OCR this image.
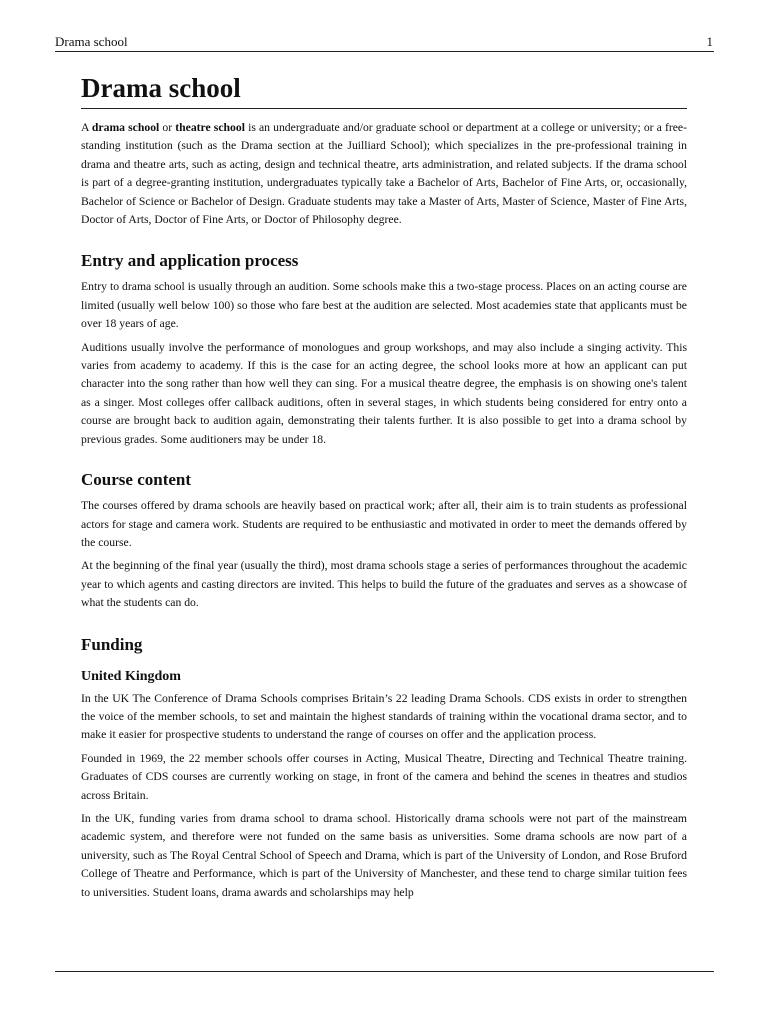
Drama school	1
Drama school

A drama school or theatre school is an undergraduate and/or graduate school or department at a college or university; or a free-standing institution (such as the Drama section at the Juilliard School); which specializes in the pre-professional training in drama and theatre arts, such as acting, design and technical theatre, arts administration, and related subjects. If the drama school is part of a degree-granting institution, undergraduates typically take a Bachelor of Arts, Bachelor of Fine Arts, or, occasionally, Bachelor of Science or Bachelor of Design. Graduate students may take a Master of Arts, Master of Science, Master of Fine Arts, Doctor of Arts, Doctor of Fine Arts, or Doctor of Philosophy degree.

Entry and application process

Entry to drama school is usually through an audition. Some schools make this a two-stage process. Places on an acting course are limited (usually well below 100) so those who fare best at the audition are selected. Most academies state that applicants must be over 18 years of age.

Auditions usually involve the performance of monologues and group workshops, and may also include a singing activity. This varies from academy to academy. If this is the case for an acting degree, the school looks more at how an applicant can put character into the song rather than how well they can sing. For a musical theatre degree, the emphasis is on showing one's talent as a singer. Most colleges offer callback auditions, often in several stages, in which students being considered for entry onto a course are brought back to audition again, demonstrating their talents further. It is also possible to get into a drama school by previous grades. Some auditioners may be under 18.

Course content

The courses offered by drama schools are heavily based on practical work; after all, their aim is to train students as professional actors for stage and camera work. Students are required to be enthusiastic and motivated in order to meet the demands offered by the course.

At the beginning of the final year (usually the third), most drama schools stage a series of performances throughout the academic year to which agents and casting directors are invited. This helps to build the future of the graduates and serves as a showcase of what the students can do.

Funding
United Kingdom

In the UK The Conference of Drama Schools comprises Britain’s 22 leading Drama Schools. CDS exists in order to strengthen the voice of the member schools, to set and maintain the highest standards of training within the vocational drama sector, and to make it easier for prospective students to understand the range of courses on offer and the application process.

Founded in 1969, the 22 member schools offer courses in Acting, Musical Theatre, Directing and Technical Theatre training. Graduates of CDS courses are currently working on stage, in front of the camera and behind the scenes in theatres and studios across Britain.

In the UK, funding varies from drama school to drama school. Historically drama schools were not part of the mainstream academic system, and therefore were not funded on the same basis as universities. Some drama schools are now part of a university, such as The Royal Central School of Speech and Drama, which is part of the University of London, and Rose Bruford College of Theatre and Performance, which is part of the University of Manchester, and these tend to charge similar tuition fees to universities. Student loans, drama awards and scholarships may help
